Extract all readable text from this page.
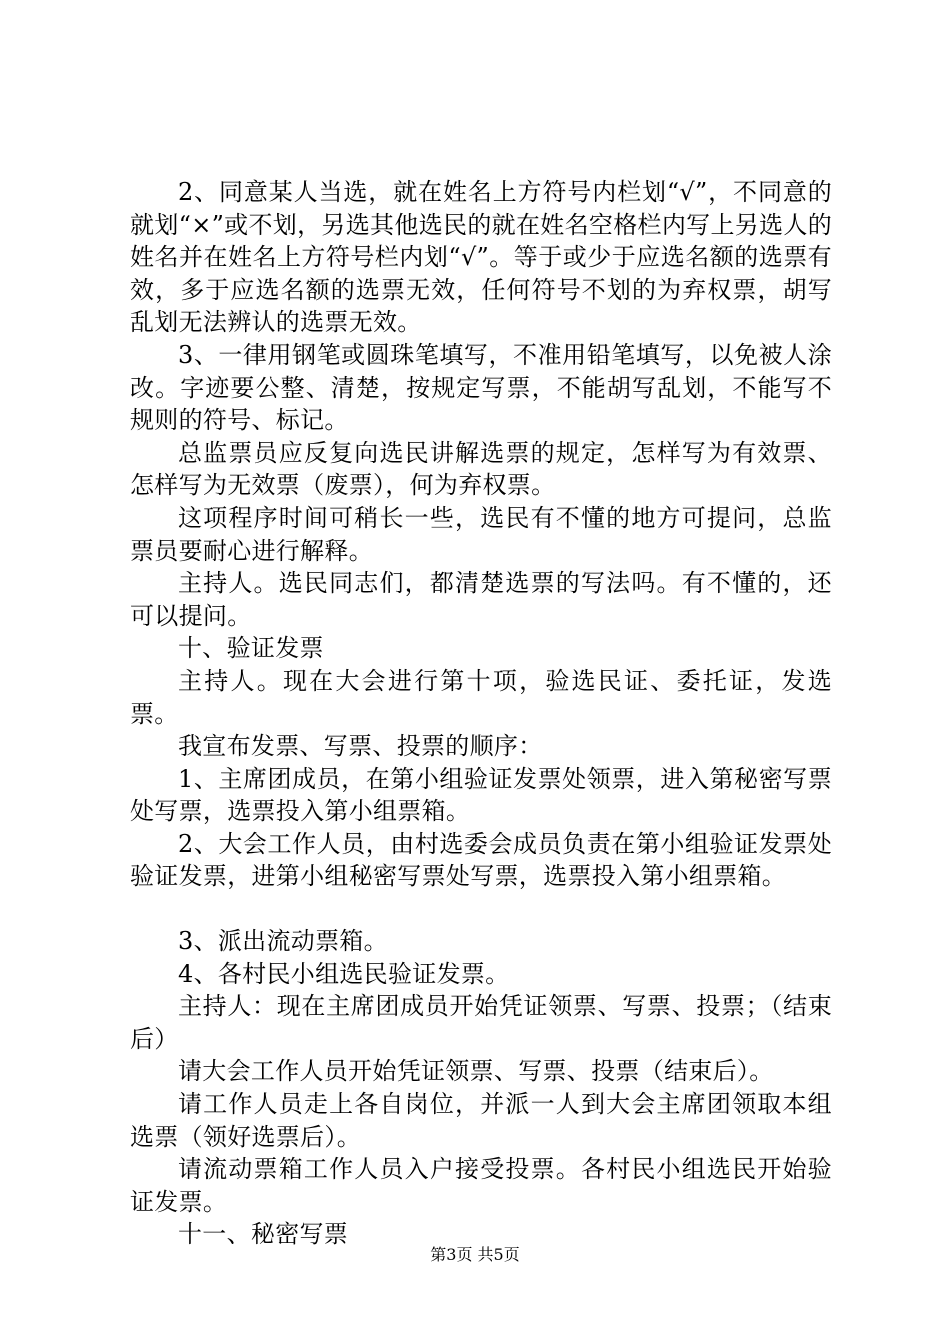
2、同意某人当选，就在姓名上方符号内栏划“√”，不同意的就划“×”或不划，另选其他选民的就在姓名空格栏内写上另选人的姓名并在姓名上方符号栏内划“√”。等于或少于应选名额的选票有效，多于应选名额的选票无效，任何符号不划的为弃权票，胡写乱划无法辨认的选票无效。

3、一律用钢笔或圆珠笔填写，不准用铅笔填写，以免被人涂改。字迹要公整、清楚，按规定写票，不能胡写乱划，不能写不规则的符号、标记。

总监票员应反复向选民讲解选票的规定，怎样写为有效票、怎样写为无效票（废票），何为弃权票。

这项程序时间可稍长一些，选民有不懂的地方可提问，总监票员要耐心进行解释。

主持人。选民同志们，都清楚选票的写法吗。有不懂的，还可以提问。

十、验证发票

主持人。现在大会进行第十项，验选民证、委托证，发选票。

我宣布发票、写票、投票的顺序：

1、主席团成员，在第小组验证发票处领票，进入第秘密写票处写票，选票投入第小组票箱。

2、大会工作人员，由村选委会成员负责在第小组验证发票处验证发票，进第小组秘密写票处写票，选票投入第小组票箱。

3、派出流动票箱。

4、各村民小组选民验证发票。

主持人：现在主席团成员开始凭证领票、写票、投票；（结束后）

请大会工作人员开始凭证领票、写票、投票（结束后）。

请工作人员走上各自岗位，并派一人到大会主席团领取本组选票（领好选票后）。

请流动票箱工作人员入户接受投票。各村民小组选民开始验证发票。

十一、秘密写票

第3页 共5页
